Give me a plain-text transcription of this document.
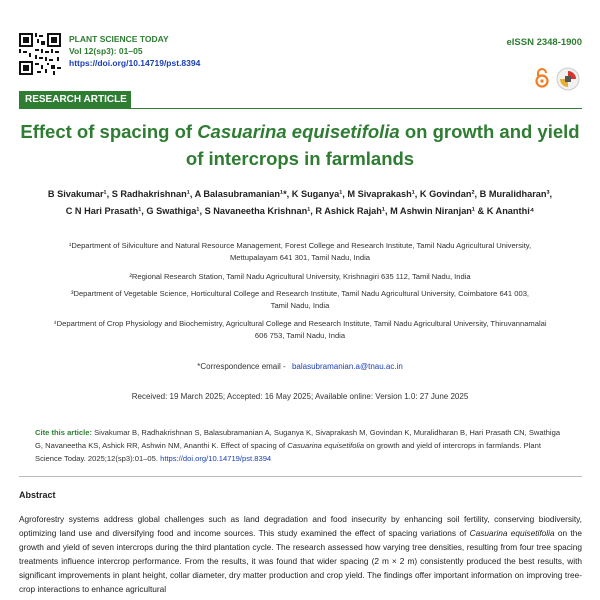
PLANT SCIENCE TODAY
Vol 12(sp3): 01–05
https://doi.org/10.14719/pst.8394
eISSN 2348-1900
RESEARCH ARTICLE
Effect of spacing of Casuarina equisetifolia on growth and yield
of intercrops in farmlands
B Sivakumar¹, S Radhakrishnan¹, A Balasubramanian¹*, K Suganya¹, M Sivaprakash¹, K Govindan², B Muralidharan³,
C N Hari Prasath¹, G Swathiga¹, S Navaneetha Krishnan¹, R Ashick Rajah¹, M Ashwin Niranjan¹ & K Ananthi⁴
¹Department of Silviculture and Natural Resource Management, Forest College and Research Institute, Tamil Nadu Agricultural University,
Mettupalayam 641 301, Tamil Nadu, India
²Regional Research Station, Tamil Nadu Agricultural University, Krishnagiri 635 112, Tamil Nadu, India
³Department of Vegetable Science, Horticultural College and Research Institute, Tamil Nadu Agricultural University, Coimbatore 641 003,
Tamil Nadu, India
⁴Department of Crop Physiology and Biochemistry, Agricultural College and Research Institute, Tamil Nadu Agricultural University, Thiruvannamalai
606 753, Tamil Nadu, India
*Correspondence email - balasubramanian.a@tnau.ac.in
Received: 19 March 2025; Accepted: 16 May 2025; Available online: Version 1.0: 27 June 2025
Cite this article: Sivakumar B, Radhakrishnan S, Balasubramanian A, Suganya K, Sivaprakash M, Govindan K, Muralidharan B, Hari Prasath CN, Swathiga G, Navaneetha KS, Ashick RR, Ashwin NM, Ananthi K. Effect of spacing of Casuarina equisetifolia on growth and yield of intercrops in farmlands. Plant Science Today. 2025;12(sp3):01–05. https://doi.org/10.14719/pst.8394
Abstract
Agroforestry systems address global challenges such as land degradation and food insecurity by enhancing soil fertility, conserving biodiversity, optimizing land use and diversifying food and income sources. This study examined the effect of spacing variations of Casuarina equisetifolia on the growth and yield of seven intercrops during the third plantation cycle. The research assessed how varying tree densities, resulting from four tree spacing treatments influence intercrop performance. From the results, it was found that wider spacing (2 m × 2 m) consistently produced the best results, with significant improvements in plant height, collar diameter, dry matter production and crop yield. The findings offer important information on improving tree-crop interactions to enhance agricultural
